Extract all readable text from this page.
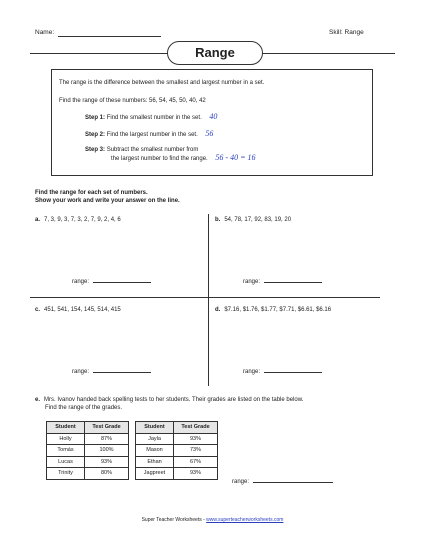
Name:	Skill: Range
Range
The range is the difference between the smallest and largest number in a set.
Find the range of these numbers: 56, 54, 45, 50, 40, 42
Step 1: Find the smallest number in the set. 40
Step 2: Find the largest number in the set. 56
Step 3: Subtract the smallest number from
the largest number to find the range. 56 - 40 = 16
Find the range for each set of numbers.
Show your work and write your answer on the line.
a. 7, 3, 9, 3, 7, 3, 2, 7, 9, 2, 4, 6
range:
b. 54, 78, 17, 92, 83, 19, 20
range:
c. 451, 541, 154, 145, 514, 415
range:
d. $7.16, $1.76, $1.77, $7.71, $6.61, $6.16
range:
e. Mrs. Ivanov handed back spelling tests to her students. Their grades are listed on the table below.
Find the range of the grades.
Student	Test Grade
Holly	87%
Tomás	100%
Lucas	93%
Trinity	80%
Student	Test Grade
Jayla	93%
Mason	73%
Ethan	67%
Jagpreet	93%
range:
Super Teacher Worksheets - www.superteacherworksheets.com
